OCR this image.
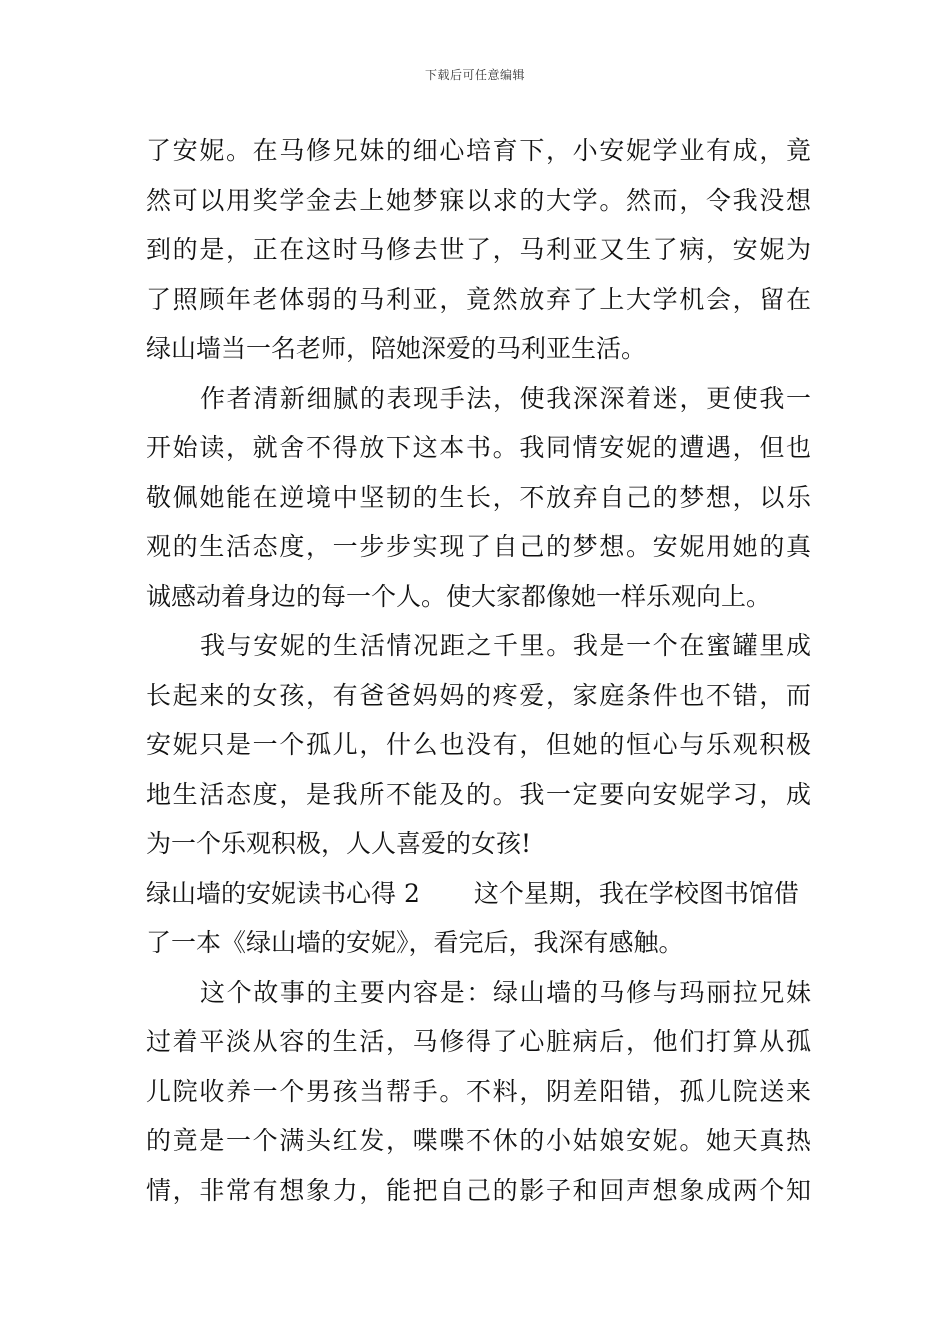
下载后可任意编辑
了安妮。在马修兄妹的细心培育下，小安妮学业有成，竟
然可以用奖学金去上她梦寐以求的大学。然而，令我没想
到的是，正在这时马修去世了，马利亚又生了病，安妮为
了照顾年老体弱的马利亚，竟然放弃了上大学机会，留在
绿山墙当一名老师，陪她深爱的马利亚生活。
作者清新细腻的表现手法，使我深深着迷，更使我一
开始读，就舍不得放下这本书。我同情安妮的遭遇，但也
敬佩她能在逆境中坚韧的生长，不放弃自己的梦想，以乐
观的生活态度，一步步实现了自己的梦想。安妮用她的真
诚感动着身边的每一个人。使大家都像她一样乐观向上。
我与安妮的生活情况距之千里。我是一个在蜜罐里成
长起来的女孩，有爸爸妈妈的疼爱，家庭条件也不错，而
安妮只是一个孤儿，什么也没有，但她的恒心与乐观积极
地生活态度，是我所不能及的。我一定要向安妮学习，成
为一个乐观积极，人人喜爱的女孩!
绿山墙的安妮读书心得 2 这个星期，我在学校图书馆借
了一本《绿山墙的安妮》，看完后，我深有感触。
这个故事的主要内容是：绿山墙的马修与玛丽拉兄妹
过着平淡从容的生活，马修得了心脏病后，他们打算从孤
儿院收养一个男孩当帮手。不料，阴差阳错，孤儿院送来
的竟是一个满头红发，喋喋不休的小姑娘安妮。她天真热
情，非常有想象力，能把自己的影子和回声想象成两个知
